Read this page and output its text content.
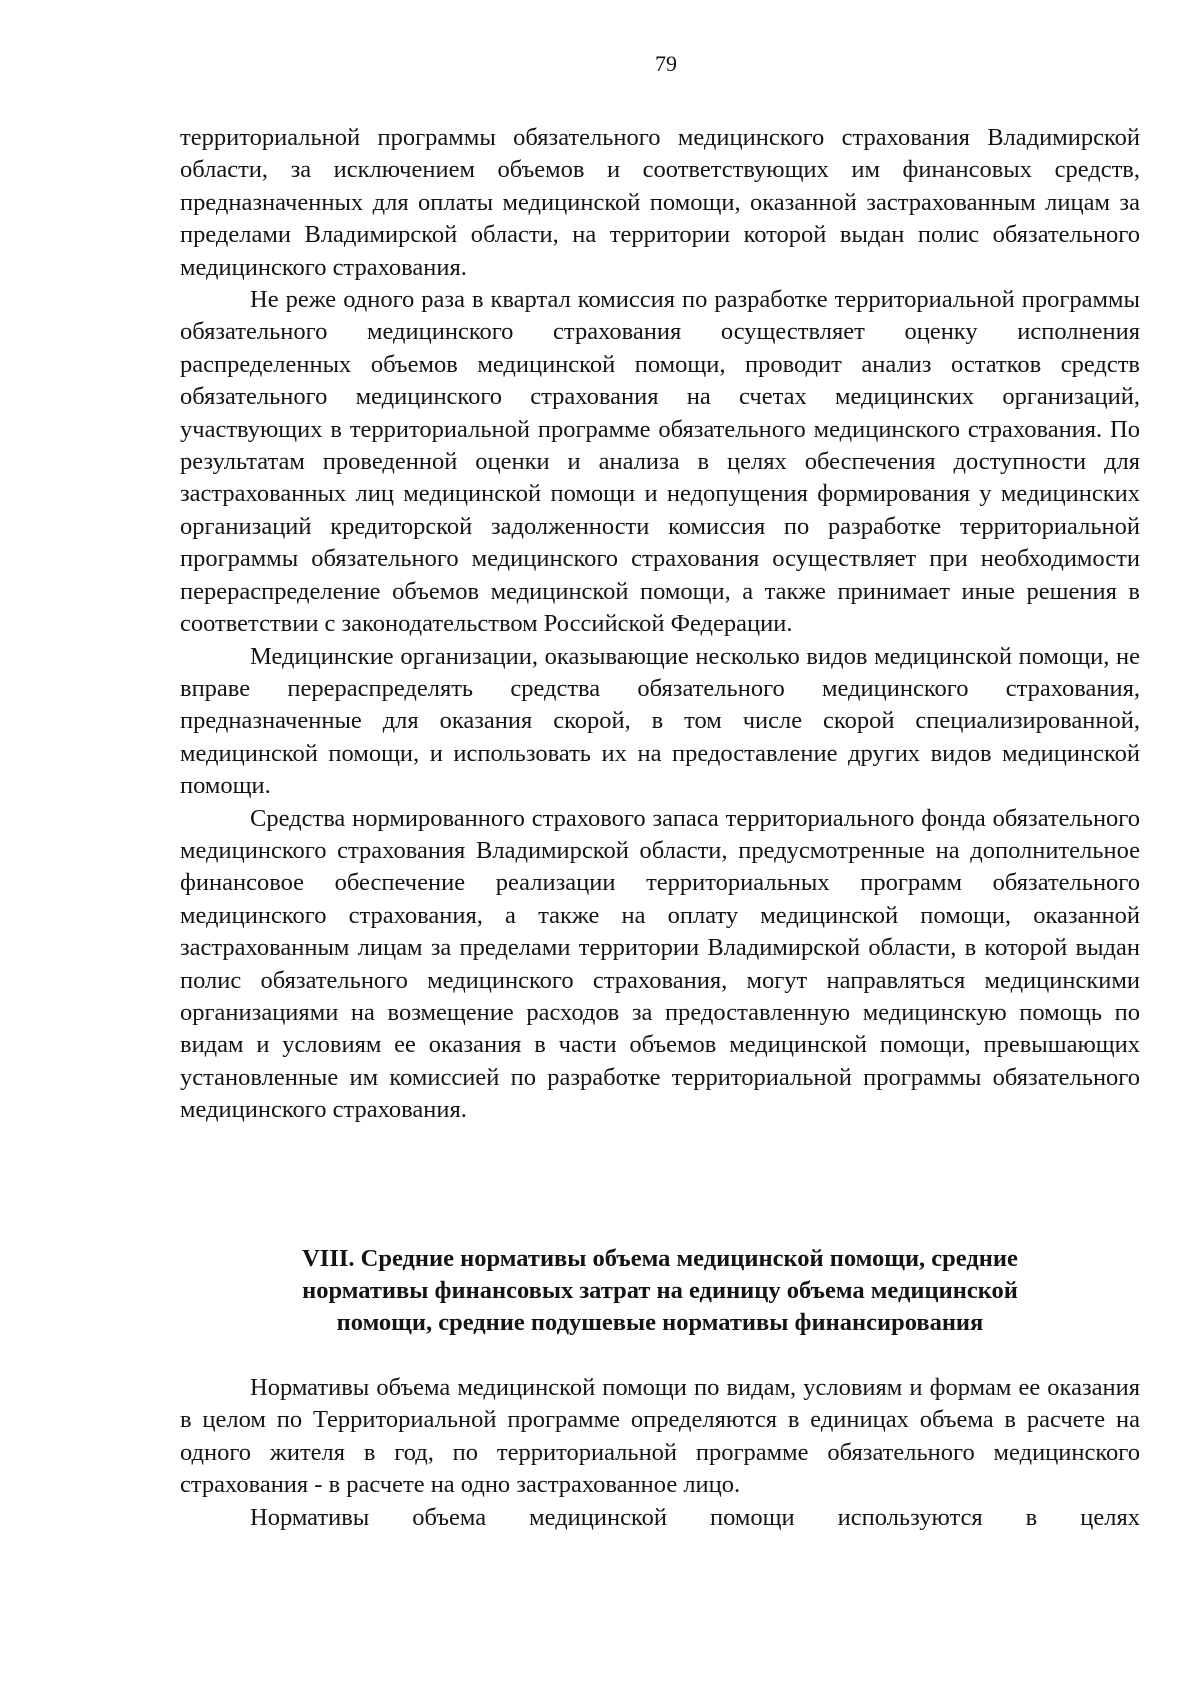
79

территориальной программы обязательного медицинского страхования Владимирской области, за исключением объемов и соответствующих им финансовых средств, предназначенных для оплаты медицинской помощи, оказанной застрахованным лицам за пределами Владимирской области, на территории которой выдан полис обязательного медицинского страхования.

Не реже одного раза в квартал комиссия по разработке территориальной программы обязательного медицинского страхования осуществляет оценку исполнения распределенных объемов медицинской помощи, проводит анализ остатков средств обязательного медицинского страхования на счетах медицинских организаций, участвующих в территориальной программе обязательного медицинского страхования. По результатам проведенной оценки и анализа в целях обеспечения доступности для застрахованных лиц медицинской помощи и недопущения формирования у медицинских организаций кредиторской задолженности комиссия по разработке территориальной программы обязательного медицинского страхования осуществляет при необходимости перераспределение объемов медицинской помощи, а также принимает иные решения в соответствии с законодательством Российской Федерации.

Медицинские организации, оказывающие несколько видов медицинской помощи, не вправе перераспределять средства обязательного медицинского страхования, предназначенные для оказания скорой, в том числе скорой специализированной, медицинской помощи, и использовать их на предоставление других видов медицинской помощи.

Средства нормированного страхового запаса территориального фонда обязательного медицинского страхования Владимирской области, предусмотренные на дополнительное финансовое обеспечение реализации территориальных программ обязательного медицинского страхования, а также на оплату медицинской помощи, оказанной застрахованным лицам за пределами территории Владимирской области, в которой выдан полис обязательного медицинского страхования, могут направляться медицинскими организациями на возмещение расходов за предоставленную медицинскую помощь по видам и условиям ее оказания в части объемов медицинской помощи, превышающих установленные им комиссией по разработке территориальной программы обязательного медицинского страхования.

VIII. Средние нормативы объема медицинской помощи, средние
нормативы финансовых затрат на единицу объема медицинской
помощи, средние подушевые нормативы финансирования

Нормативы объема медицинской помощи по видам, условиям и формам ее оказания в целом по Территориальной программе определяются в единицах объема в расчете на одного жителя в год, по территориальной программе обязательного медицинского страхования - в расчете на одно застрахованное лицо.

Нормативы объема медицинской помощи используются в целях
